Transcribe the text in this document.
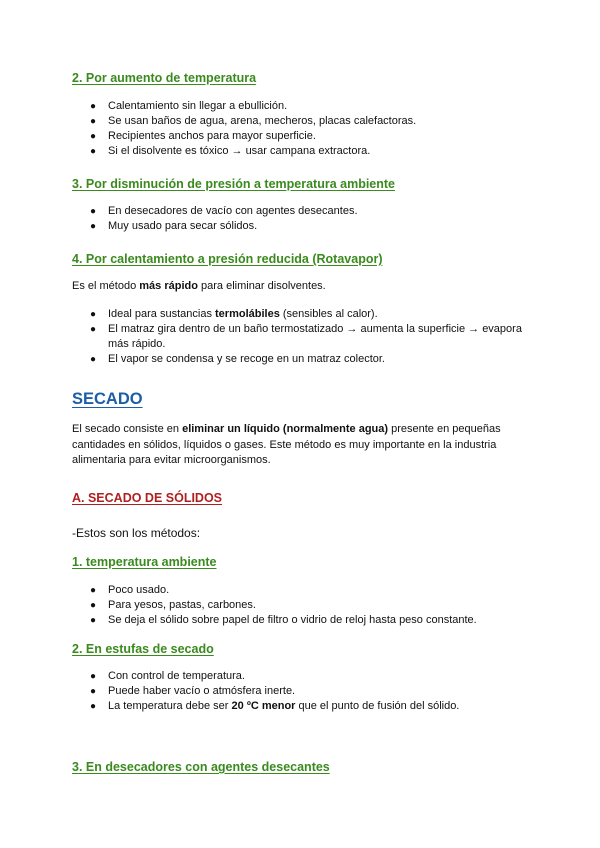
2. Por aumento de temperatura
● Calentamiento sin llegar a ebullición.
● Se usan baños de agua, arena, mecheros, placas calefactoras.
● Recipientes anchos para mayor superficie.
● Si el disolvente es tóxico → usar campana extractora.
3. Por disminución de presión a temperatura ambiente
● En desecadores de vacío con agentes desecantes.
● Muy usado para secar sólidos.
4. Por calentamiento a presión reducida (Rotavapor)

Es el método más rápido para eliminar disolventes.

● Ideal para sustancias termolábiles (sensibles al calor).
● El matraz gira dentro de un baño termostatizado → aumenta la superficie → evapora más rápido.
● El vapor se condensa y se recoge en un matraz colector.
SECADO

El secado consiste en eliminar un líquido (normalmente agua) presente en pequeñas cantidades en sólidos, líquidos o gases. Este método es muy importante en la industria alimentaria para evitar microorganismos.

A. SECADO DE SÓLIDOS

-Estos son los métodos:

1. temperatura ambiente
● Poco usado.
● Para yesos, pastas, carbones.
● Se deja el sólido sobre papel de filtro o vidrio de reloj hasta peso constante.
2. En estufas de secado
● Con control de temperatura.
● Puede haber vacío o atmósfera inerte.
● La temperatura debe ser 20 ºC menor que el punto de fusión del sólido.
3. En desecadores con agentes desecantes
